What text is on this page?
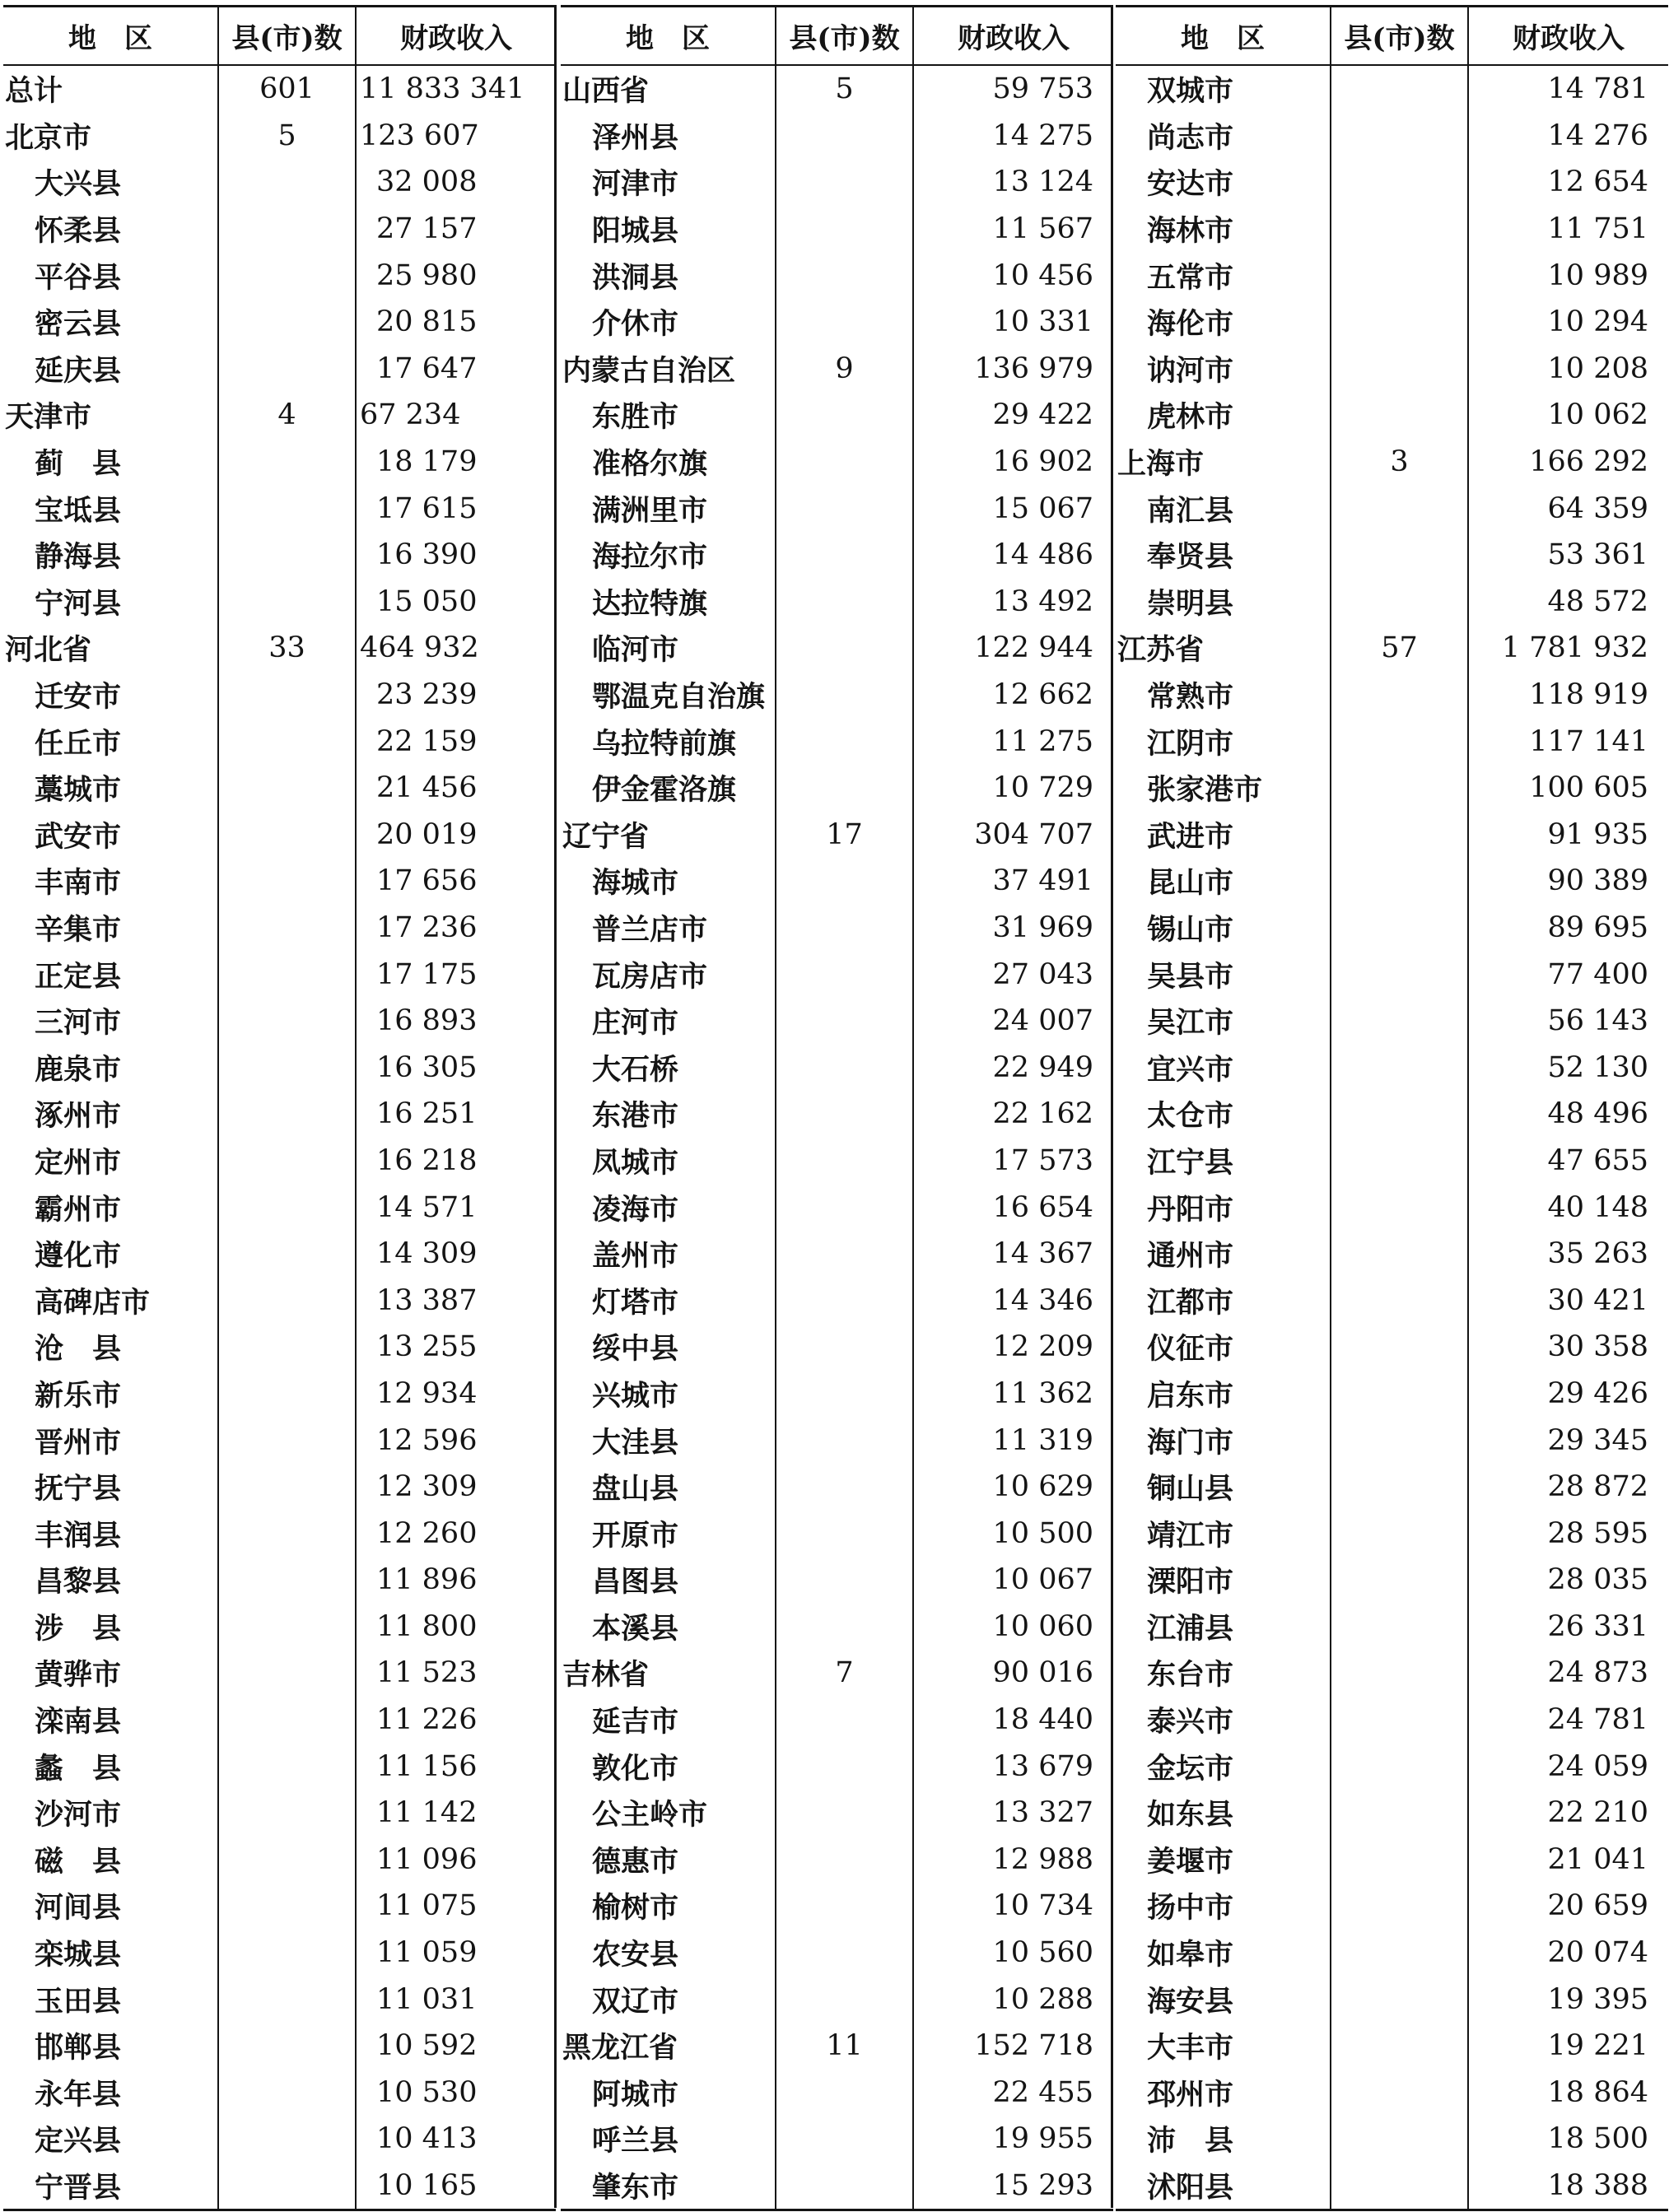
地　区	县(市)数	财政收入
总计	601	11 833 341
北京市	5	123 607
大兴县		32 008
怀柔县		27 157
平谷县		25 980
密云县		20 815
延庆县		17 647
天津市	4	67 234
蓟　县		18 179
宝坻县		17 615
静海县		16 390
宁河县		15 050
河北省	33	464 932
迁安市		23 239
任丘市		22 159
藁城市		21 456
武安市		20 019
丰南市		17 656
辛集市		17 236
正定县		17 175
三河市		16 893
鹿泉市		16 305
涿州市		16 251
定州市		16 218
霸州市		14 571
遵化市		14 309
高碑店市		13 387
沧　县		13 255
新乐市		12 934
晋州市		12 596
抚宁县		12 309
丰润县		12 260
昌黎县		11 896
涉　县		11 800
黄骅市		11 523
滦南县		11 226
蠡　县		11 156
沙河市		11 142
磁　县		11 096
河间县		11 075
栾城县		11 059
玉田县		11 031
邯郸县		10 592
永年县		10 530
定兴县		10 413
宁晋县		10 165
地　区	县(市)数	财政收入
山西省	5	59 753
泽州县		14 275
河津市		13 124
阳城县		11 567
洪洞县		10 456
介休市		10 331
内蒙古自治区	9	136 979
东胜市		29 422
准格尔旗		16 902
满洲里市		15 067
海拉尔市		14 486
达拉特旗		13 492
临河市		122 944
鄂温克自治旗		12 662
乌拉特前旗		11 275
伊金霍洛旗		10 729
辽宁省	17	304 707
海城市		37 491
普兰店市		31 969
瓦房店市		27 043
庄河市		24 007
大石桥		22 949
东港市		22 162
凤城市		17 573
凌海市		16 654
盖州市		14 367
灯塔市		14 346
绥中县		12 209
兴城市		11 362
大洼县		11 319
盘山县		10 629
开原市		10 500
昌图县		10 067
本溪县		10 060
吉林省	7	90 016
延吉市		18 440
敦化市		13 679
公主岭市		13 327
德惠市		12 988
榆树市		10 734
农安县		10 560
双辽市		10 288
黑龙江省	11	152 718
阿城市		22 455
呼兰县		19 955
肇东市		15 293
地　区	县(市)数	财政收入
双城市		14 781
尚志市		14 276
安达市		12 654
海林市		11 751
五常市		10 989
海伦市		10 294
讷河市		10 208
虎林市		10 062
上海市	3	166 292
南汇县		64 359
奉贤县		53 361
崇明县		48 572
江苏省	57	1 781 932
常熟市		118 919
江阴市		117 141
张家港市		100 605
武进市		91 935
昆山市		90 389
锡山市		89 695
吴县市		77 400
吴江市		56 143
宜兴市		52 130
太仓市		48 496
江宁县		47 655
丹阳市		40 148
通州市		35 263
江都市		30 421
仪征市		30 358
启东市		29 426
海门市		29 345
铜山县		28 872
靖江市		28 595
溧阳市		28 035
江浦县		26 331
东台市		24 873
泰兴市		24 781
金坛市		24 059
如东县		22 210
姜堰市		21 041
扬中市		20 659
如皋市		20 074
海安县		19 395
大丰市		19 221
邳州市		18 864
沛　县		18 500
沭阳县		18 388
